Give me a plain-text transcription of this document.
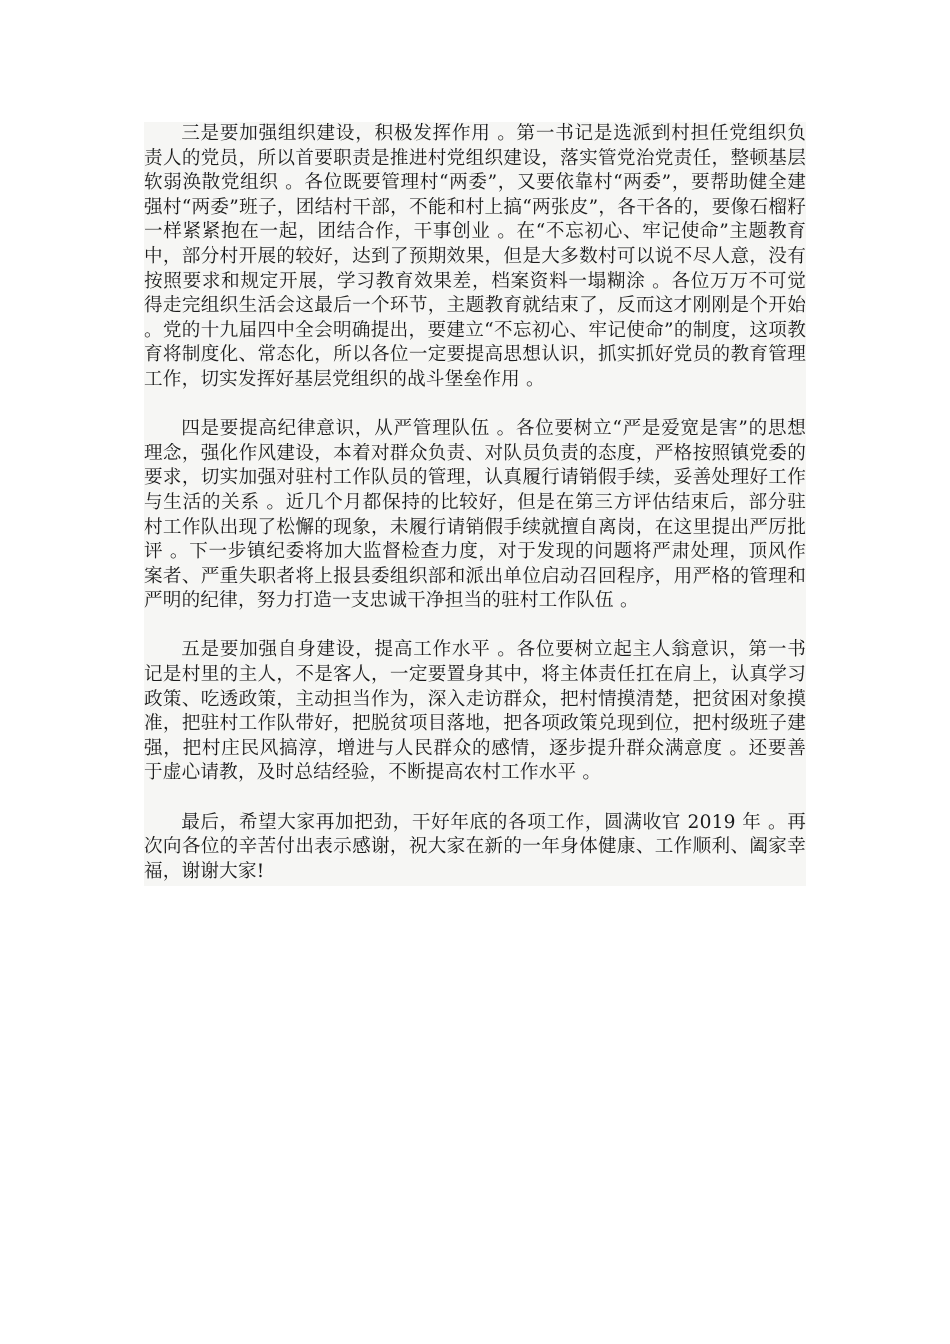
三是要加强组织建设，积极发挥作用 。第一书记是选派到村担任党组织负责人的党员，所以首要职责是推进村党组织建设，落实管党治党责任，整顿基层软弱涣散党组织 。各位既要管理村“两委”，又要依靠村“两委”，要帮助健全建强村“两委”班子，团结村干部，不能和村上搞“两张皮”，各干各的，要像石榴籽一样紧紧抱在一起，团结合作，干事创业 。在“不忘初心、牢记使命”主题教育中，部分村开展的较好，达到了预期效果，但是大多数村可以说不尽人意，没有按照要求和规定开展，学习教育效果差，档案资料一塌糊涂 。各位万万不可觉得走完组织生活会这最后一个环节，主题教育就结束了，反而这才刚刚是个开始 。党的十九届四中全会明确提出，要建立“不忘初心、牢记使命”的制度，这项教育将制度化、常态化，所以各位一定要提高思想认识，抓实抓好党员的教育管理工作，切实发挥好基层党组织的战斗堡垒作用 。

四是要提高纪律意识，从严管理队伍 。各位要树立“严是爱宽是害”的思想理念，强化作风建设，本着对群众负责、对队员负责的态度，严格按照镇党委的要求，切实加强对驻村工作队员的管理，认真履行请销假手续，妥善处理好工作与生活的关系 。近几个月都保持的比较好，但是在第三方评估结束后，部分驻村工作队出现了松懈的现象，未履行请销假手续就擅自离岗，在这里提出严厉批评 。下一步镇纪委将加大监督检查力度，对于发现的问题将严肃处理，顶风作案者、严重失职者将上报县委组织部和派出单位启动召回程序，用严格的管理和严明的纪律，努力打造一支忠诚干净担当的驻村工作队伍 。

五是要加强自身建设，提高工作水平 。各位要树立起主人翁意识，第一书记是村里的主人，不是客人，一定要置身其中，将主体责任扛在肩上，认真学习政策、吃透政策，主动担当作为，深入走访群众，把村情摸清楚，把贫困对象摸准，把驻村工作队带好，把脱贫项目落地，把各项政策兑现到位，把村级班子建强，把村庄民风搞淳，增进与人民群众的感情，逐步提升群众满意度 。还要善于虚心请教，及时总结经验，不断提高农村工作水平 。

最后，希望大家再加把劲，干好年底的各项工作，圆满收官 2019 年 。再次向各位的辛苦付出表示感谢，祝大家在新的一年身体健康、工作顺利、阖家幸福，谢谢大家!
